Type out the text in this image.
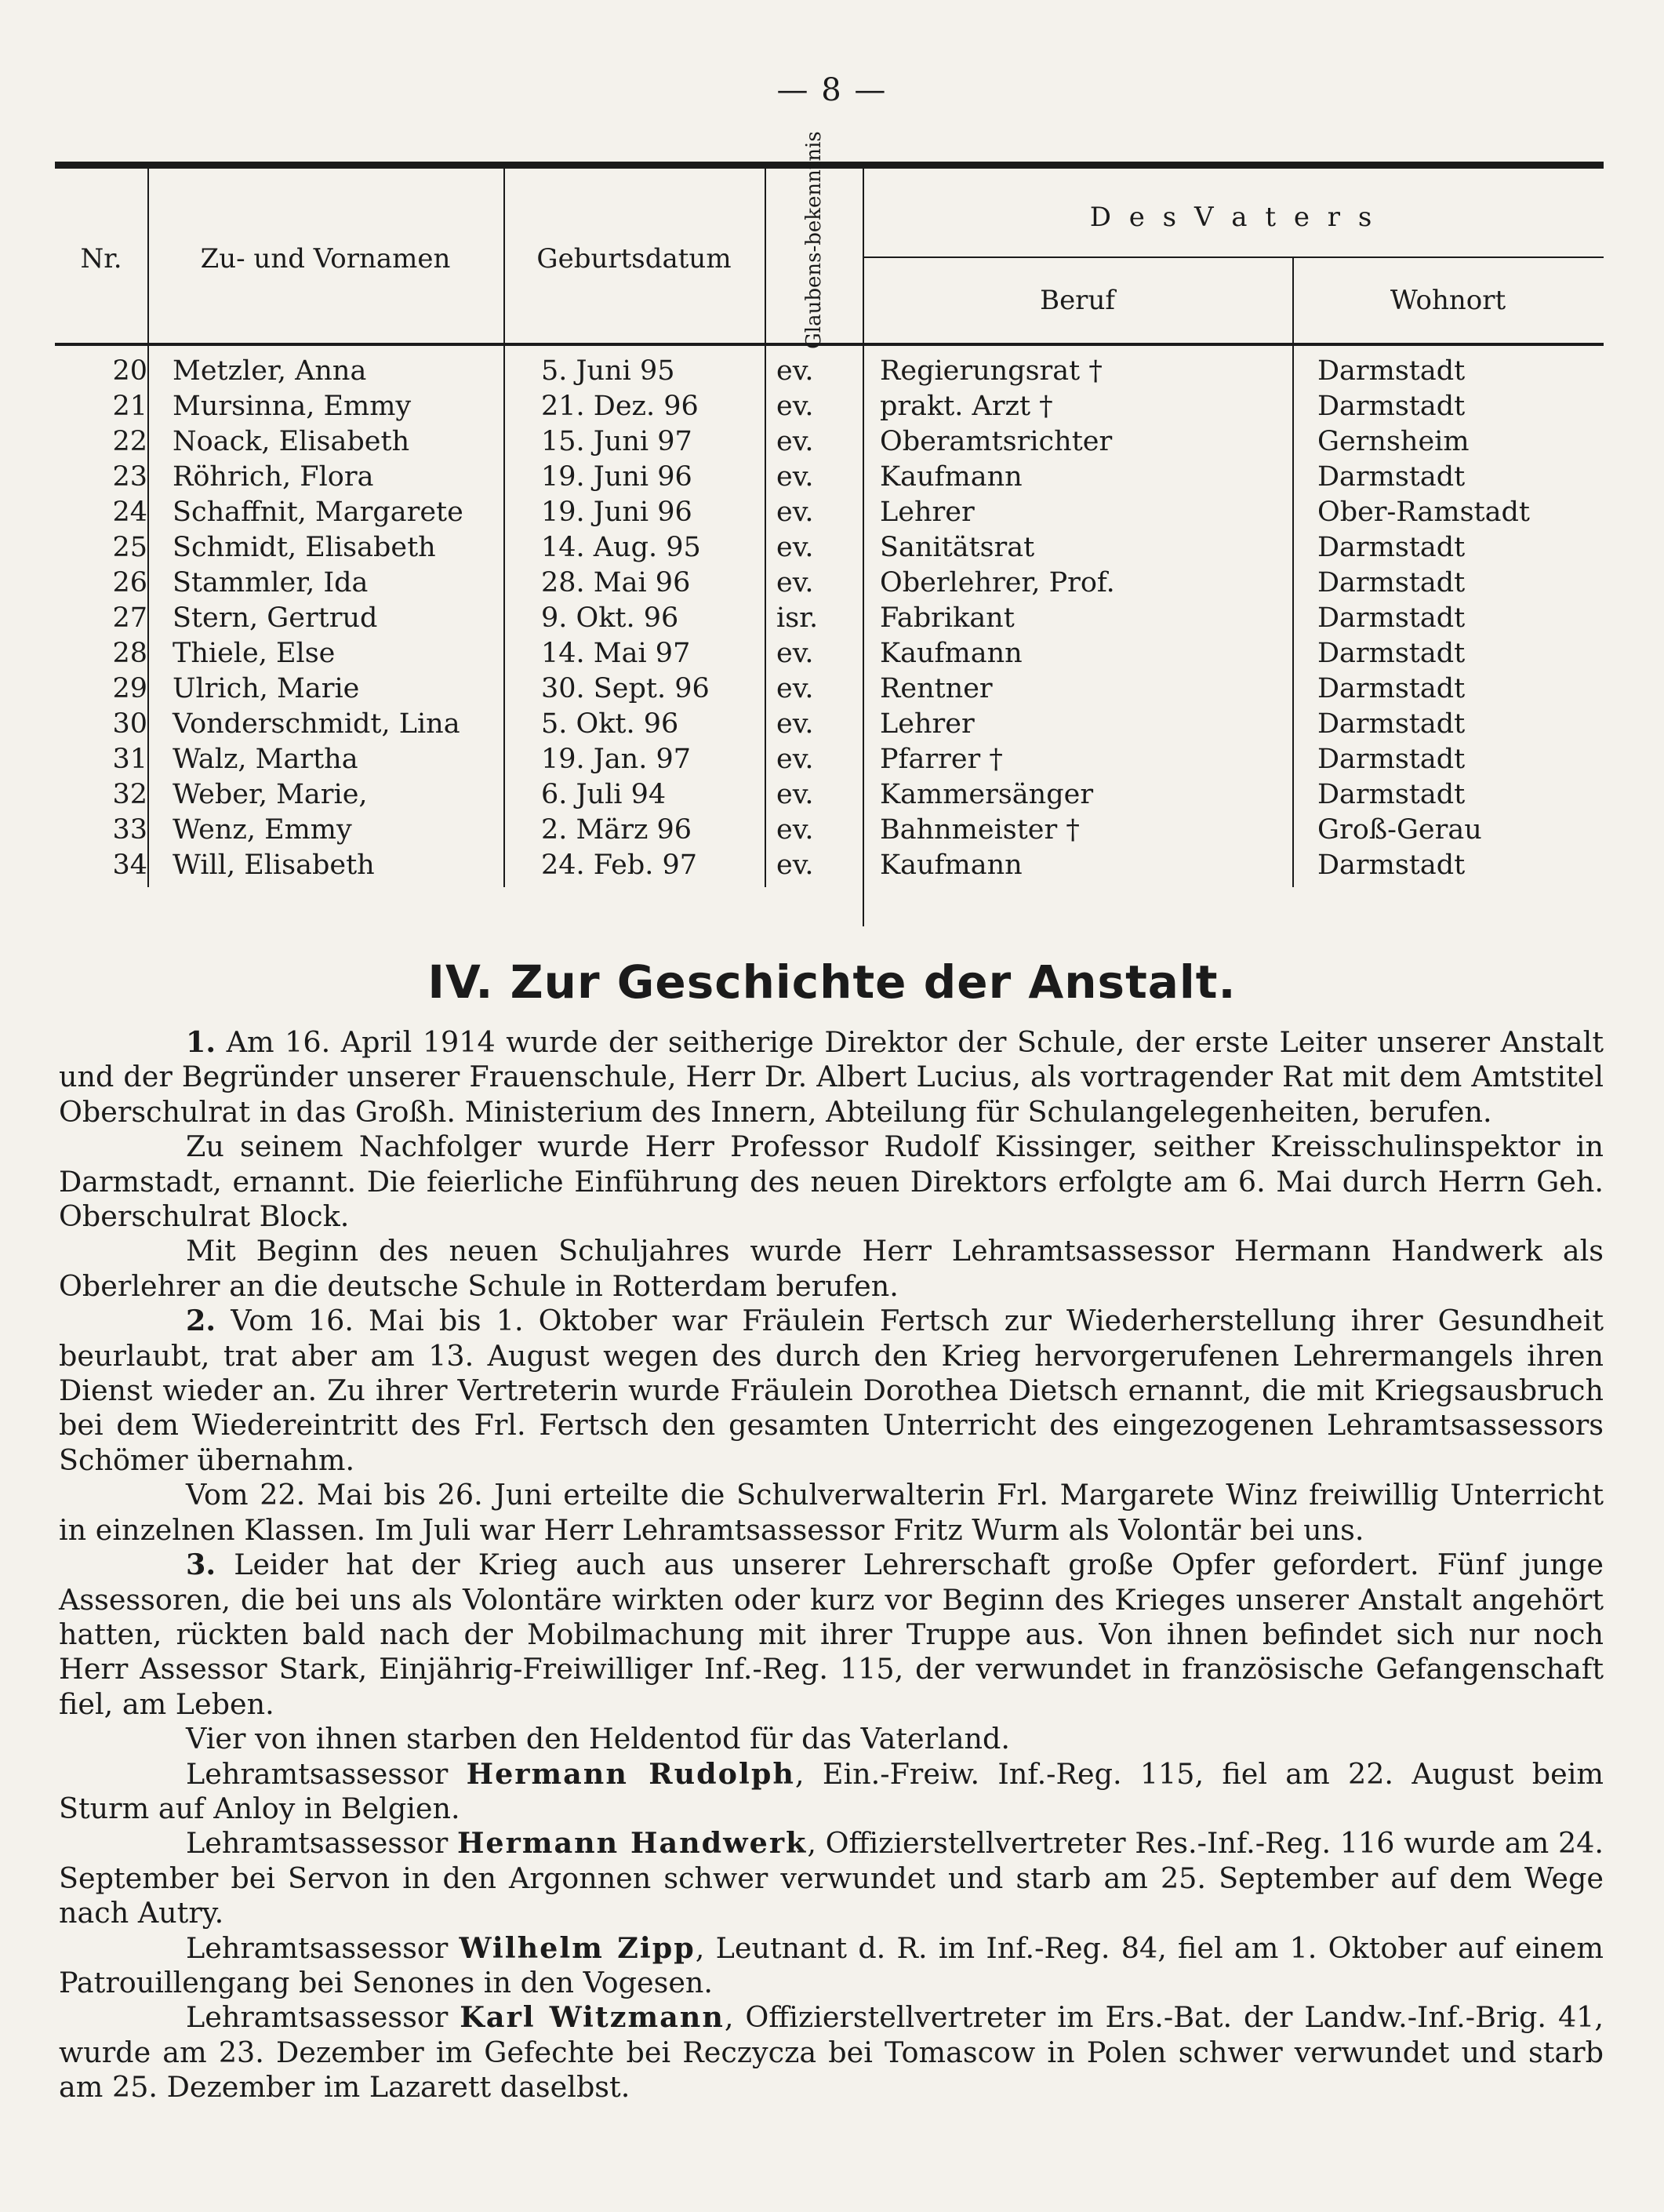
— 8 —
Nr.	Zu- und Vornamen	Geburtsdatum	Glaubens-bekenntnis	D e s V a t e r s
Beruf	Wohnort
20 Metzler, Anna	5. Juni 95	ev. Regierungsrat †	Darmstadt
21 Mursinna, Emmy	21. Dez. 96	ev. prakt. Arzt †	Darmstadt
22 Noack, Elisabeth	15. Juni 97	ev. Oberamtsrichter	Gernsheim
23 Röhrich, Flora	19. Juni 96	ev. Kaufmann	Darmstadt
24 Schaffnit, Margarete	19. Juni 96	ev. Lehrer	Ober-Ramstadt
25 Schmidt, Elisabeth	14. Aug. 95	ev. Sanitätsrat	Darmstadt
26 Stammler, Ida	28. Mai 96	ev. Oberlehrer, Prof.	Darmstadt
27 Stern, Gertrud	9. Okt. 96	isr. Fabrikant	Darmstadt
28 Thiele, Else	14. Mai 97	ev. Kaufmann	Darmstadt
29 Ulrich, Marie	30. Sept. 96 ev. Rentner	Darmstadt
30 Vonderschmidt, Lina	5. Okt. 96	ev. Lehrer	Darmstadt
31 Walz, Martha	19. Jan. 97	ev. Pfarrer †	Darmstadt
32 Weber, Marie,	6. Juli 94	ev. Kammersänger	Darmstadt
33 Wenz, Emmy	2. März 96	ev. Bahnmeister †	Groß-Gerau
34 Will, Elisabeth	24. Feb. 97	ev. Kaufmann	Darmstadt
IV. Zur Geschichte der Anstalt.

1. Am 16. April 1914 wurde der seitherige Direktor der Schule, der erste Leiter unserer Anstalt und der Begründer unserer Frauenschule, Herr Dr. Albert Lucius, als vortragender Rat mit dem Amtstitel Oberschulrat in das Großh. Ministerium des Innern, Abteilung für Schulangelegenheiten, berufen.

Zu seinem Nachfolger wurde Herr Professor Rudolf Kissinger, seither Kreisschulinspektor in Darmstadt, ernannt. Die feierliche Einführung des neuen Direktors erfolgte am 6. Mai durch Herrn Geh. Oberschulrat Block.

Mit Beginn des neuen Schuljahres wurde Herr Lehramtsassessor Hermann Handwerk als Oberlehrer an die deutsche Schule in Rotterdam berufen.

2. Vom 16. Mai bis 1. Oktober war Fräulein Fertsch zur Wiederherstellung ihrer Gesundheit beurlaubt, trat aber am 13. August wegen des durch den Krieg hervorgerufenen Lehrermangels ihren Dienst wieder an. Zu ihrer Vertreterin wurde Fräulein Dorothea Dietsch ernannt, die mit Kriegsausbruch bei dem Wiedereintritt des Frl. Fertsch den gesamten Unterricht des eingezogenen Lehramtsassessors Schömer übernahm.

Vom 22. Mai bis 26. Juni erteilte die Schulverwalterin Frl. Margarete Winz freiwillig Unterricht in einzelnen Klassen. Im Juli war Herr Lehramtsassessor Fritz Wurm als Volontär bei uns.

3. Leider hat der Krieg auch aus unserer Lehrerschaft große Opfer gefordert. Fünf junge Assessoren, die bei uns als Volontäre wirkten oder kurz vor Beginn des Krieges unserer Anstalt angehört hatten, rückten bald nach der Mobilmachung mit ihrer Truppe aus. Von ihnen befindet sich nur noch Herr Assessor Stark, Einjährig-Freiwilliger Inf.-Reg. 115, der verwundet in französische Gefangenschaft fiel, am Leben.

Vier von ihnen starben den Heldentod für das Vaterland.

Lehramtsassessor Hermann Rudolph, Ein.-Freiw. Inf.-Reg. 115, fiel am 22. August beim Sturm auf Anloy in Belgien.

Lehramtsassessor Hermann Handwerk, Offizierstellvertreter Res.-Inf.-Reg. 116 wurde am 24. September bei Servon in den Argonnen schwer verwundet und starb am 25. September auf dem Wege nach Autry.

Lehramtsassessor Wilhelm Zipp, Leutnant d. R. im Inf.-Reg. 84, fiel am 1. Oktober auf einem Patrouillengang bei Senones in den Vogesen.

Lehramtsassessor Karl Witzmann, Offizierstellvertreter im Ers.-Bat. der Landw.-Inf.-Brig. 41, wurde am 23. Dezember im Gefechte bei Reczycza bei Tomascow in Polen schwer verwundet und starb am 25. Dezember im Lazarett daselbst.
